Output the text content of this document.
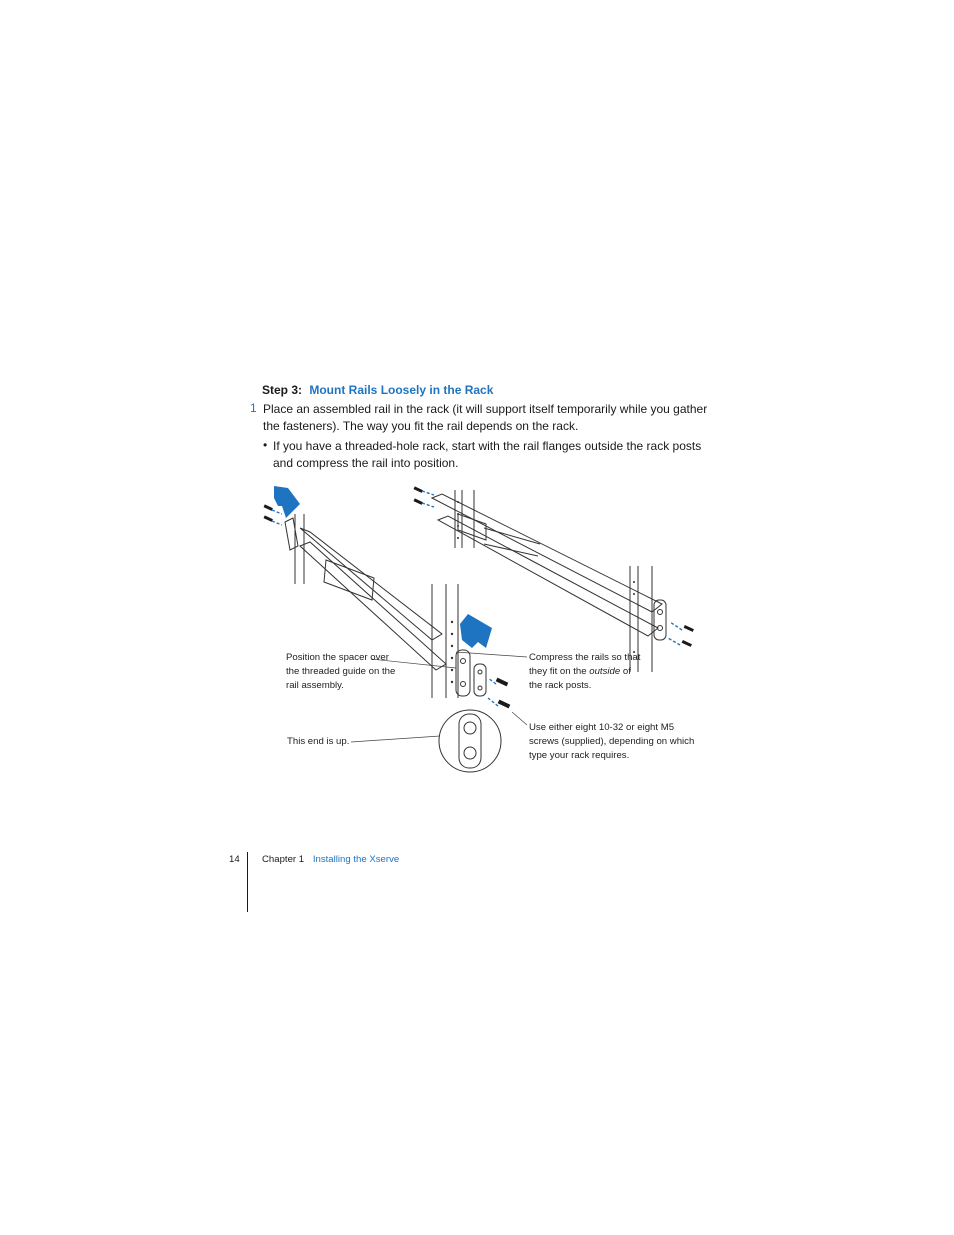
Step 3: Mount Rails Loosely in the Rack
1 Place an assembled rail in the rack (it will support itself temporarily while you gather the fasteners). The way you fit the rail depends on the rack.
• If you have a threaded-hole rack, start with the rail flanges outside the rack posts and compress the rail into position.
Position the spacer over the threaded guide on the rail assembly.
Compress the rails so that they fit on the outside of the rack posts.
This end is up.
Use either eight 10-32 or eight M5 screws (supplied), depending on which type your rack requires.
14 Chapter 1 Installing the Xserve
